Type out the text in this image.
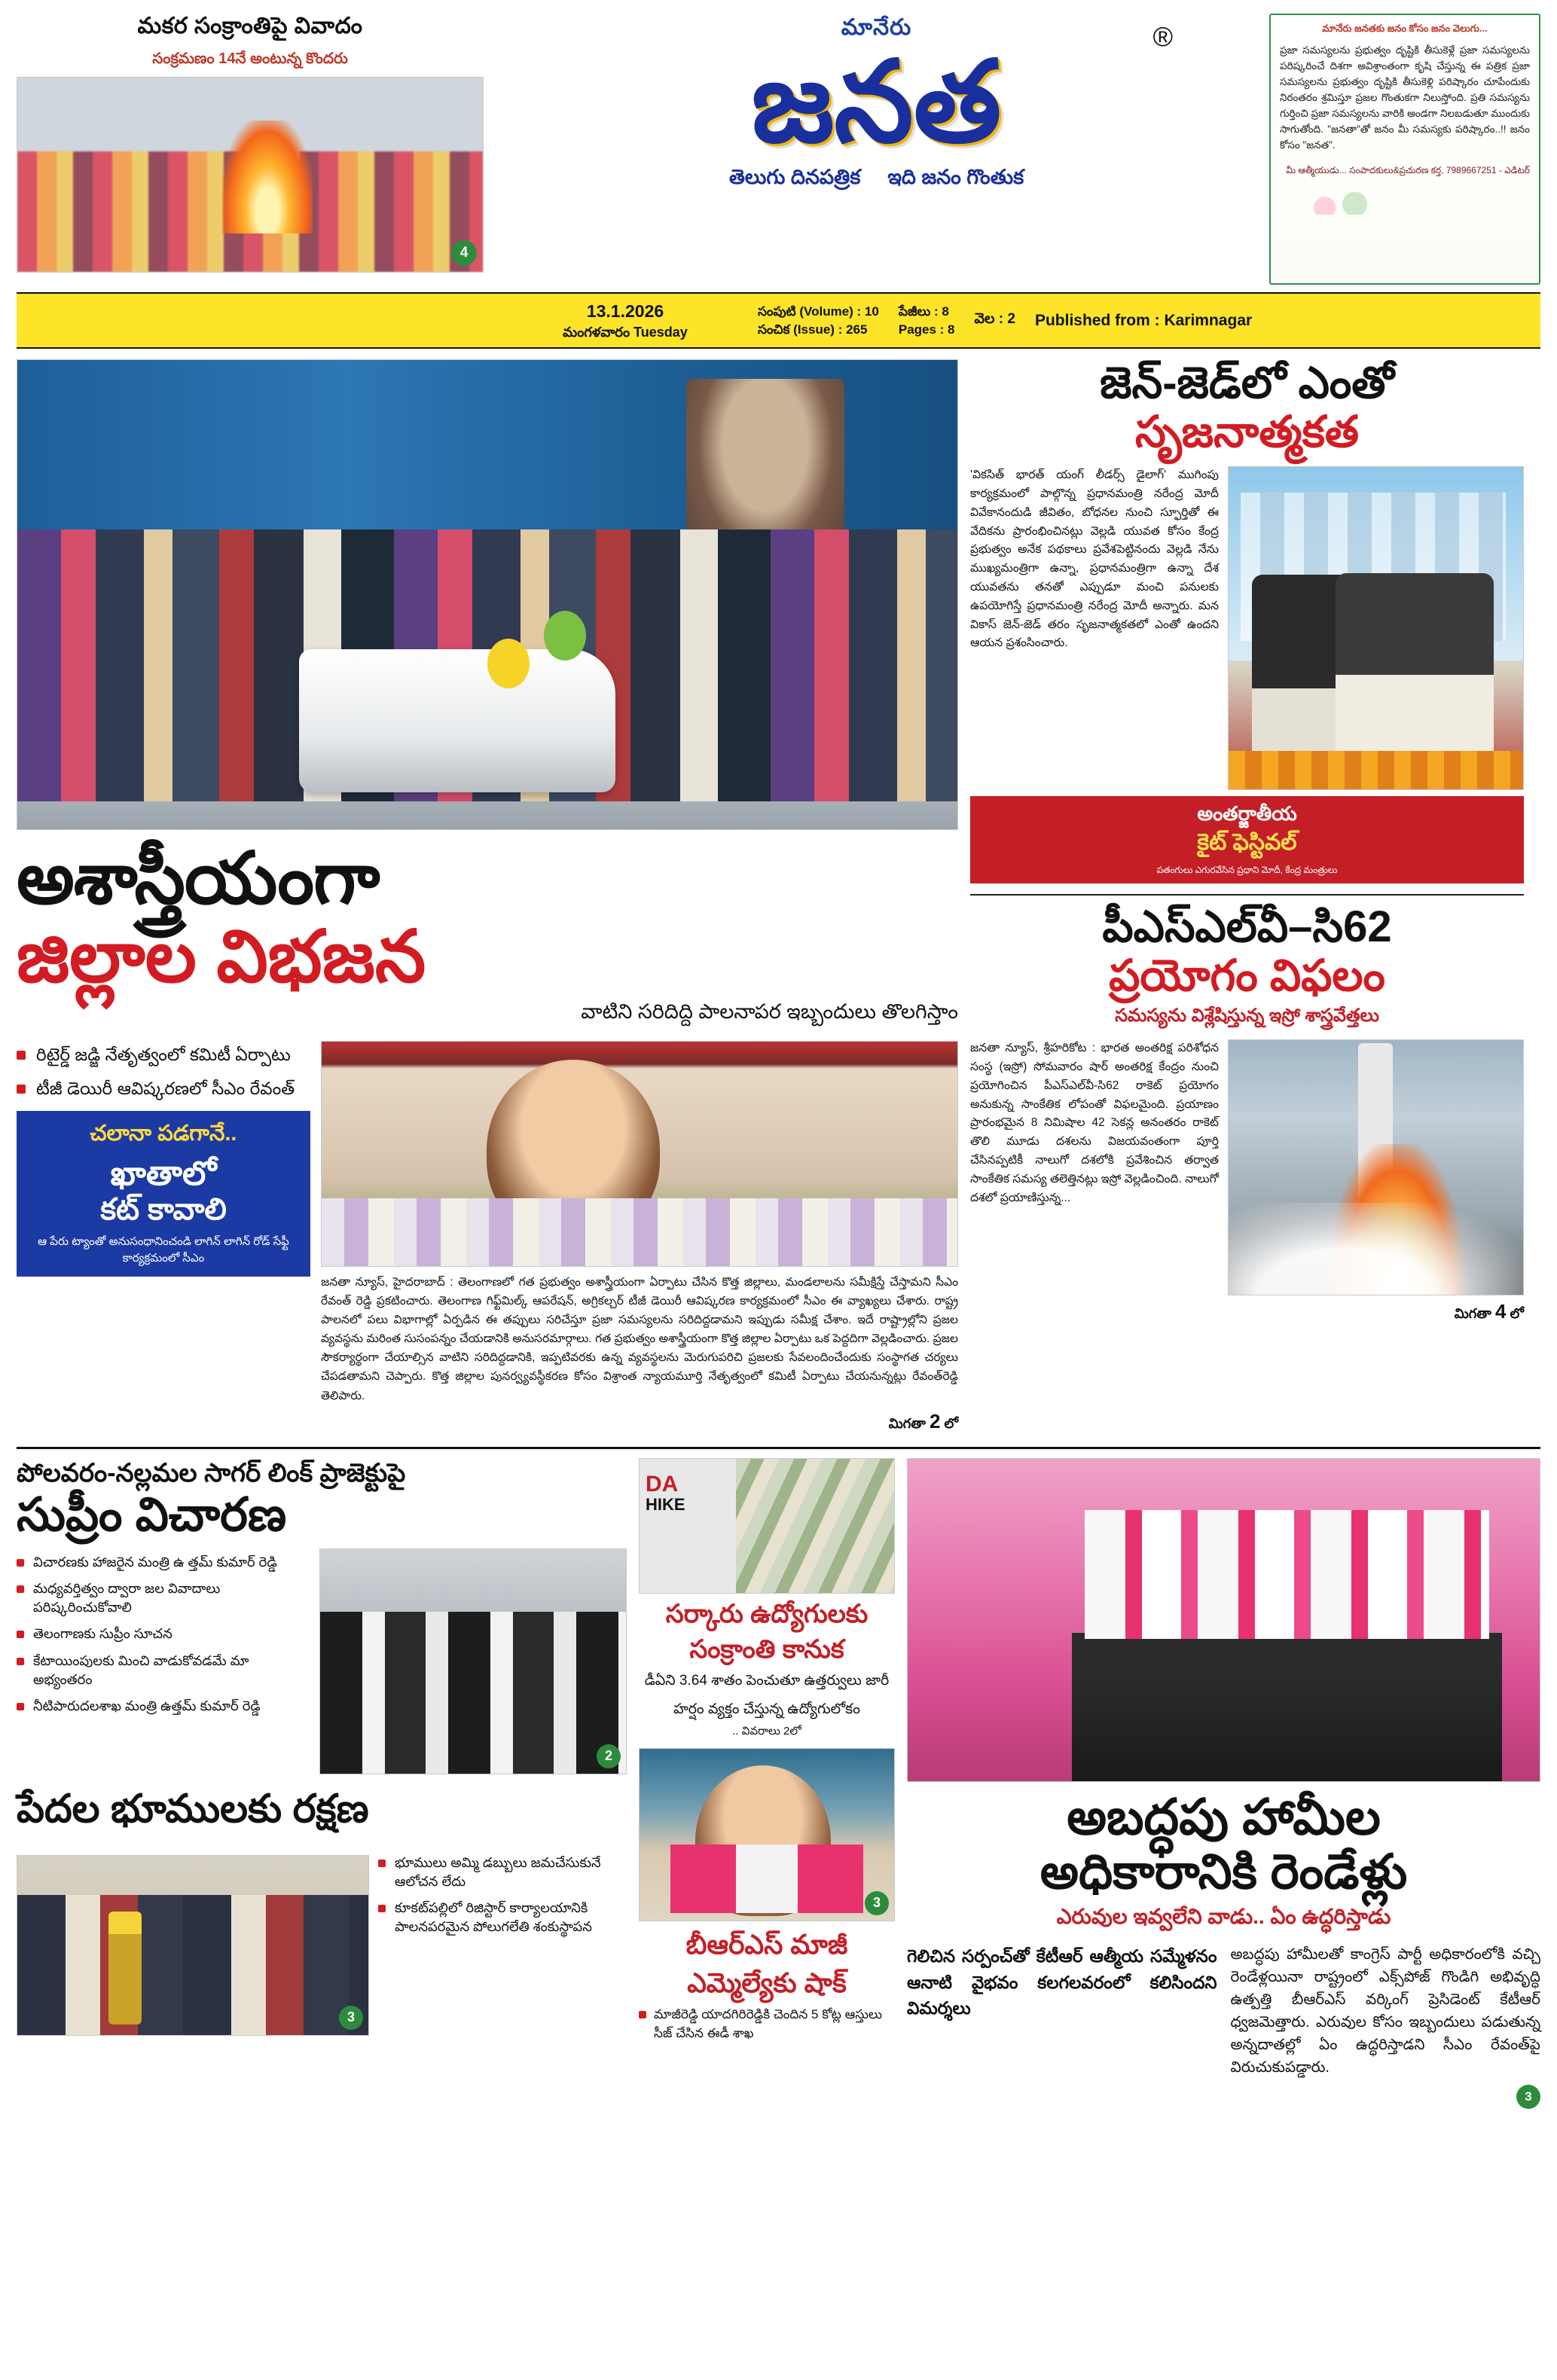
మకర సంక్రాంతిపై వివాదం
సంక్రమణం 14నే అంటున్న కొందరు
4
మానేరు
జనత
®
తెలుగు దినపత్రిక ఇది జనం గొంతుక
మానేరు జనతకు జనం కోసం జనం వెలుగు...
ప్రజా సమస్యలను ప్రభుత్వం దృష్టికి తీసుకెళ్లే ప్రజా సమస్యలను పరిష్కరించే దిశగా అవిశ్రాంతంగా కృషి చేస్తున్న ఈ పత్రిక ప్రజా సమస్యలను ప్రభుత్వం దృష్టికి తీసుకెళ్లి పరిష్కారం చూపేందుకు నిరంతరం శ్రమిస్తూ ప్రజల గొంతుకగా నిలుస్తోంది. ప్రతి సమస్యను గుర్తించి ప్రజా సమస్యలను వారికి అండగా నిలబడుతూ ముందుకు సాగుతోంది. "జనతా"తో జనం మీ సమస్యకు పరిష్కారం..!! జనం కోసం "జనత".
మీ ఆత్మీయుడు... సంపాదకులు&ప్రచురణ కర్త, 7989667251 - ఎడిటర్
13.1.2026
మంగళవారం Tuesday
సంపుటి (Volume) : 10
సంచిక (Issue) : 265
పేజీలు : 8
Pages : 8
వెల : 2 Published from : Karimnagar
అశాస్త్రీయంగా
జిల్లాల విభజన
వాటిని సరిదిద్ది పాలనాపర ఇబ్బందులు తొలగిస్తాం
రిటైర్డ్ జడ్జి నేతృత్వంలో కమిటీ ఏర్పాటు
టీజీ డెయిరీ ఆవిష్కరణలో సీఎం రేవంత్
చలానా పడగానే..
ఖాతాలో
కట్ కావాలి
ఆ పేరు ట్యాంతో అనుసంధానించండి లాగిన్ లాగిన్ రోడ్ సేఫ్టీ కార్యక్రమంలో సీఎం
జనతా న్యూస్, హైదరాబాద్ : తెలంగాణలో గత ప్రభుత్వం అశాస్త్రీయంగా ఏర్పాటు చేసిన కొత్త జిల్లాలు, మండలాలను సమీక్షిస్తే చేస్తామని సీఎం రేవంత్ రెడ్డి ప్రకటించారు. తెలంగాణ గిఫ్ట్‌మిల్క్ ఆపరేషన్, అగ్రికల్చర్ టీజీ డెయిరీ ఆవిష్కరణ కార్యక్రమంలో సీఎం ఈ వ్యాఖ్యలు చేశారు. రాష్ట్ర పాలనలో పలు విభాగాల్లో ఏర్పడిన ఈ తప్పులు సరిచేస్తూ ప్రజా సమస్యలను సరిదిద్దడామని ఇప్పుడు సమీక్ష చేశాం. ఇదే రాష్ట్రాల్లోని ప్రజల వ్యవస్థను మరింత సుసంపన్నం చేయడానికి అనుసరమార్గాలు. గత ప్రభుత్వం అశాస్త్రీయంగా కొత్త జిల్లాల ఏర్పాటు ఒక పెద్దదిగా వెల్లడించారు. ప్రజల సౌకర్యార్థంగా చేయాల్సిన వాటిని సరిదిద్దడానికి, ఇప్పటివరకు ఉన్న వ్యవస్థలను మెరుగుపరిచి ప్రజలకు సేవలందించేందుకు సంస్థాగత చర్యలు చేపడతామని చెప్పారు. కొత్త జిల్లాల పునర్వ్యవస్థీకరణ కోసం విశ్రాంత న్యాయమూర్తి నేతృత్వంలో కమిటీ ఏర్పాటు చేయనున్నట్లు రేవంత్‌రెడ్డి తెలిపారు.
మిగతా 2 లో
జెన్-జెడ్‌లో ఎంతో
సృజనాత్మకత
'వికసిత్ భారత్ యంగ్ లీడర్స్ డైలాగ్' ముగింపు కార్యక్రమంలో పాల్గొన్న ప్రధానమంత్రి నరేంద్ర మోదీ వివేకానందుడి జీవితం, బోధనల నుంచి స్ఫూర్తితో ఈ వేదికను ప్రారంభించినట్లు వెల్లడి యువత కోసం కేంద్ర ప్రభుత్వం అనేక పథకాలు ప్రవేశపెట్టినందు వెల్లడి నేను ముఖ్యమంత్రిగా ఉన్నా, ప్రధానమంత్రిగా ఉన్నా దేశ యువతను తనతో ఎప్పుడూ మంచి పనులకు ఉపయోగిస్తే ప్రధానమంత్రి నరేంద్ర మోదీ అన్నారు. మన వికాస్ జెన్-జెడ్ తరం సృజనాత్మకతలో ఎంతో ఉందని ఆయన ప్రశంసించారు.
అంతర్జాతీయ
కైట్ ఫెస్టివల్
పతంగులు ఎగురవేసిన ప్రధాని మోదీ, కేంద్ర మంత్రులు
పీఎస్ఎల్‌వీ–సి62
ప్రయోగం విఫలం
సమస్యను విశ్లేషిస్తున్న ఇస్రో శాస్త్రవేత్తలు
జనతా న్యూస్, శ్రీహరికోట : భారత అంతరిక్ష పరిశోధన సంస్థ (ఇస్రో) సోమవారం షార్ అంతరిక్ష కేంద్రం నుంచి ప్రయోగించిన పీఎస్ఎల్‌వీ-సి62 రాకెట్ ప్రయోగం అనుకున్న సాంకేతిక లోపంతో విఫలమైంది. ప్రయాణం ప్రారంభమైన 8 నిమిషాల 42 సెకన్ల అనంతరం రాకెట్ తొలి మూడు దశలను విజయవంతంగా పూర్తి చేసినప్పటికీ నాలుగో దశలోకి ప్రవేశించిన తర్వాత సాంకేతిక సమస్య తలెత్తినట్లు ఇస్రో వెల్లడించింది. నాలుగో దశలో ప్రయాణిస్తున్న...
మిగతా 4 లో
పోలవరం-నల్లమల సాగర్ లింక్ ప్రాజెక్టుపై
సుప్రీం విచారణ
విచారణకు హాజరైన మంత్రి ఉ త్తమ్ కుమార్ రెడ్డి
మధ్యవర్తిత్వం ద్వారా జల వివాదాలు పరిష్కరించుకోవాలి
తెలంగాణకు సుప్రీం సూచన
కేటాయింపులకు మించి వాడుకోవడమే మా అభ్యంతరం
నీటిపారుదలశాఖ మంత్రి ఉత్తమ్ కుమార్ రెడ్డి
2
పేదల భూములకు రక్షణ
3
భూములు అమ్మి డబ్బులు జమచేసుకునే ఆలోచన లేదు
కూకట్‌పల్లిలో రిజిస్టార్ కార్యాలయానికి పాలనపరమైన పోలుగలేతి శంకుస్థాపన
DA
HIKE
సర్కారు ఉద్యోగులకు
సంక్రాంతి కానుక
డీఏని 3.64 శాతం పెంచుతూ ఉత్తర్వులు జారీ
హర్షం వ్యక్తం చేస్తున్న ఉద్యోగులోకం
.. వివరాలు 2లో
3
బీఆర్ఎస్ మాజీ
ఎమ్మెల్యేకు షాక్
మాజీరెడ్డి యాదగిరిరెడ్డికి చెందిన 5 కోట్ల ఆస్తులు సీజ్ చేసిన ఈడీ శాఖ
అబద్ధపు హామీల
అధికారానికి రెండేళ్లు
ఎరువుల ఇవ్వలేని వాడు.. ఏం ఉద్ధరిస్తాడు
గెలిచిన సర్పంచ్‌తో కేటీఆర్ ఆత్మీయ సమ్మేళనం ఆనాటి వైభవం కలగలవరంలో కలిసిందని విమర్శలు
అబద్ధపు హామీలతో కాంగ్రెస్ పార్టీ అధికారంలోకి వచ్చి రెండేళ్లయినా రాష్ట్రంలో ఎక్స్‌పోజ్ గొండిగి అభివృద్ధి ఉత్పత్తి బీఆర్ఎస్ వర్కింగ్ ప్రెసిడెంట్ కేటీఆర్ ధ్వజమెత్తారు. ఎరువుల కోసం ఇబ్బందులు పడుతున్న అన్నదాతల్లో ఏం ఉద్ధరిస్తాడని సీఎం రేవంత్‌పై విరుచుకుపడ్డారు.
3
